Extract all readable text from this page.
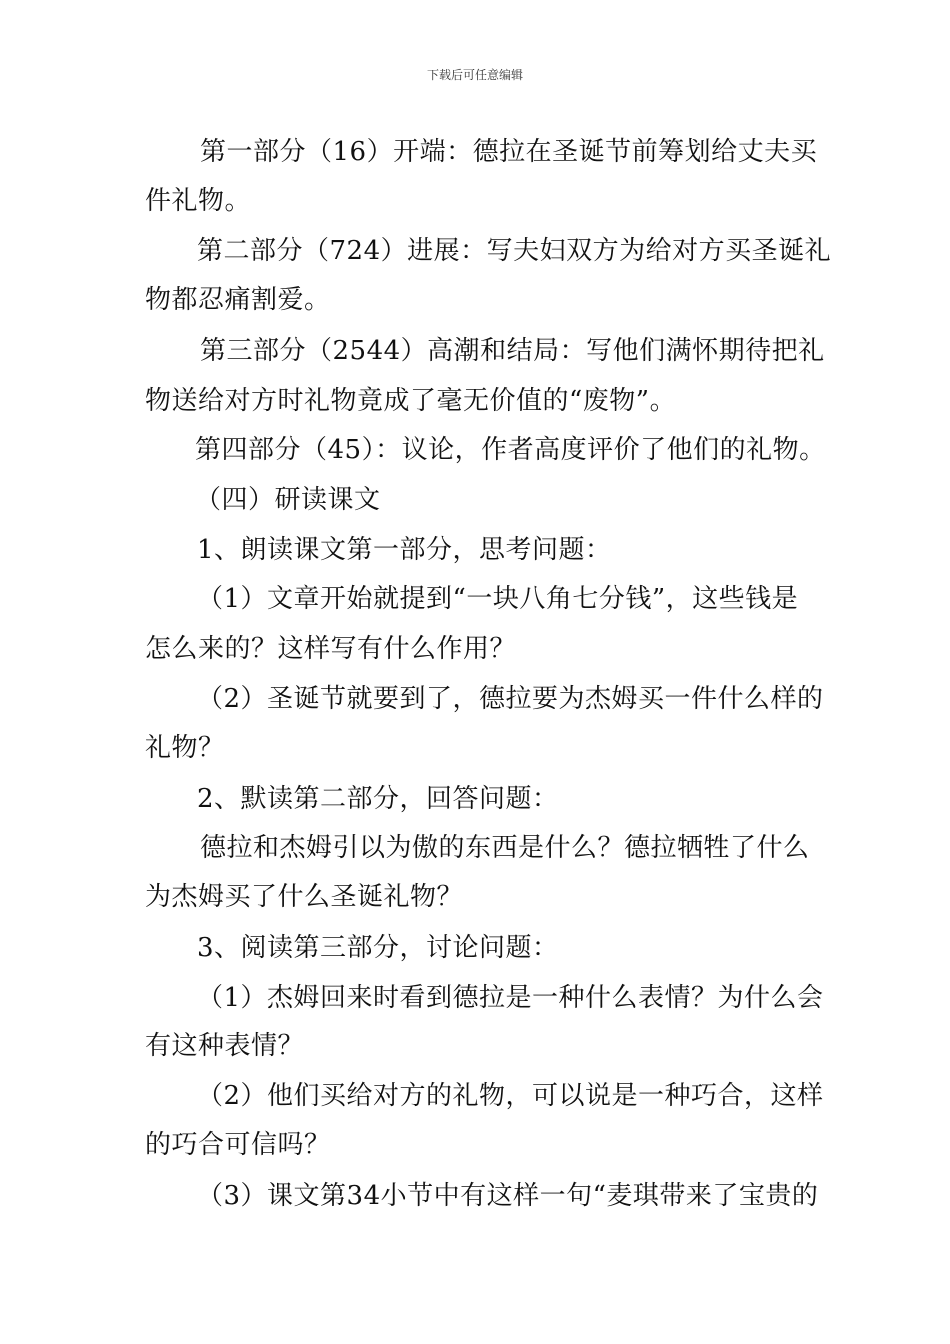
下载后可任意编辑
第一部分（16）开端：德拉在圣诞节前筹划给丈夫买
件礼物。
第二部分（724）进展：写夫妇双方为给对方买圣诞礼
物都忍痛割爱。
第三部分（2544）高潮和结局：写他们满怀期待把礼
物送给对方时礼物竟成了毫无价值的“废物”。
第四部分（45）：议论，作者高度评价了他们的礼物。
（四）研读课文
1、朗读课文第一部分，思考问题：
（1）文章开始就提到“一块八角七分钱”，这些钱是
怎么来的？这样写有什么作用？
（2）圣诞节就要到了，德拉要为杰姆买一件什么样的
礼物？
2、默读第二部分，回答问题：
德拉和杰姆引以为傲的东西是什么？德拉牺牲了什么
为杰姆买了什么圣诞礼物？
3、阅读第三部分，讨论问题：
（1）杰姆回来时看到德拉是一种什么表情？为什么会
有这种表情？
（2）他们买给对方的礼物，可以说是一种巧合，这样
的巧合可信吗？
（3）课文第34小节中有这样一句“麦琪带来了宝贵的
